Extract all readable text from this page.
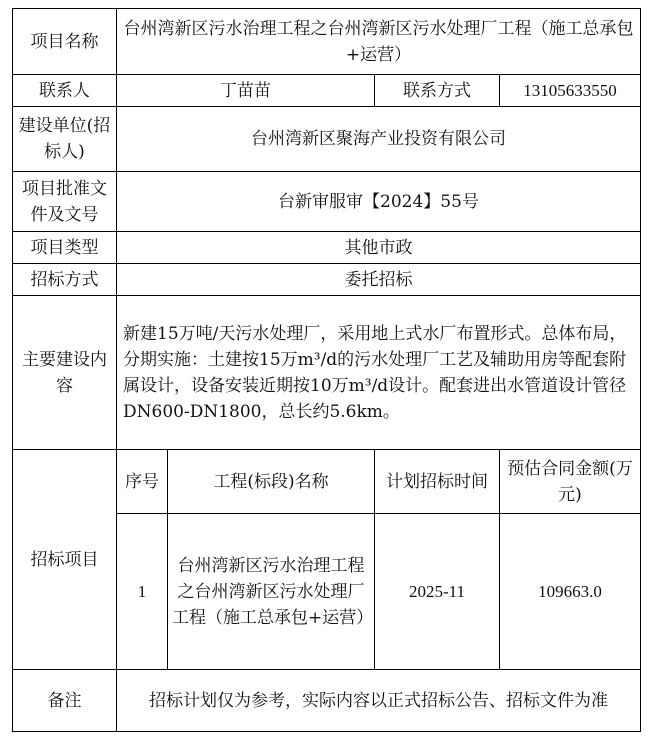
项目名称	台州湾新区污水治理工程之台州湾新区污水处理厂工程（施工总承包+运营）			
联系人	丁苗苗		联系方式	13105633550
建设单位(招标人)	台州湾新区聚海产业投资有限公司			
项目批准文件及文号	台新审服审【2024】55号			
项目类型	其他市政			
招标方式	委托招标			
主要建设内容	新建15万吨/天污水处理厂，采用地上式水厂布置形式。总体布局，分期实施：土建按15万m³/d的污水处理厂工艺及辅助用房等配套附属设计，设备安装近期按10万m³/d设计。配套进出水管道设计管径DN600-DN1800，总长约5.6km。			
招标项目	序号	工程(标段)名称	计划招标时间	预估合同金额(万元)
	1	台州湾新区污水治理工程之台州湾新区污水处理厂工程（施工总承包+运营）	2025-11	109663.0
备注	招标计划仅为参考，实际内容以正式招标公告、招标文件为准			
